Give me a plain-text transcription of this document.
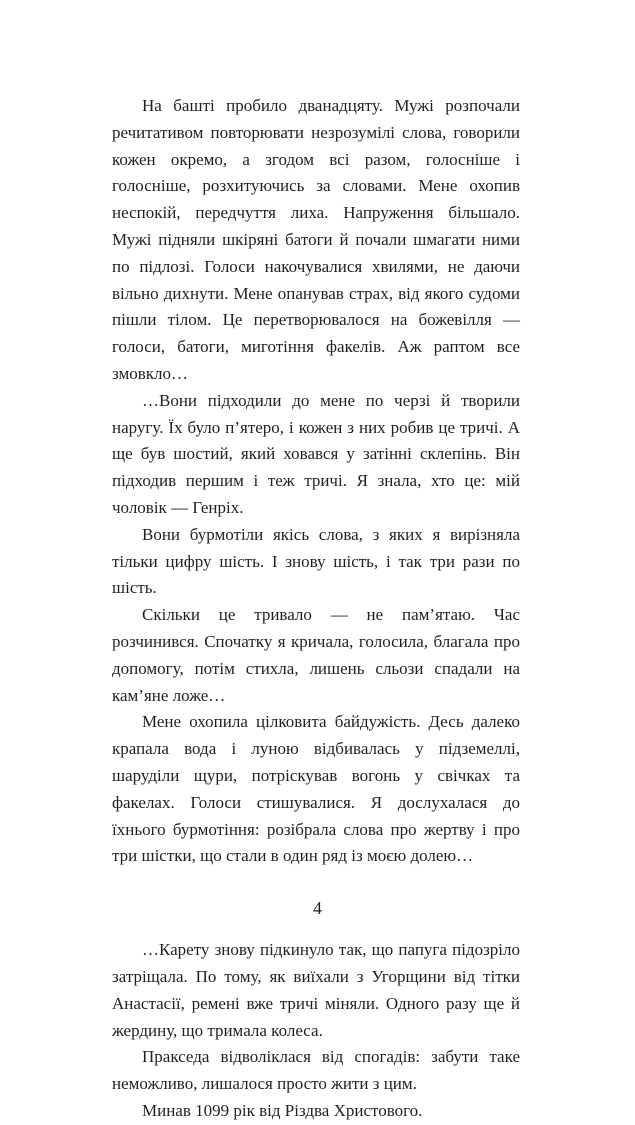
На башті пробило дванадцяту. Мужі розпочали речитативом повторювати незрозумілі слова, говорили кожен окремо, а згодом всі разом, голосніше і голосніше, розхитуючись за словами. Мене охопив неспокій, передчуття лиха. Напруження більшало. Мужі підняли шкіряні батоги й почали шмагати ними по підлозі. Голоси накочувалися хвилями, не даючи вільно дихнути. Мене опанував страх, від якого судоми пішли тілом. Це перетворювалося на божевілля — голоси, батоги, миготіння факелів. Аж раптом все змовкло…

…Вони підходили до мене по черзі й творили наругу. Їх було п’ятеро, і кожен з них робив це тричі. А ще був шостий, який ховався у затінні склепінь. Він підходив першим і теж тричі. Я знала, хто це: мій чоловік — Генріх.

Вони бурмотіли якісь слова, з яких я вирізняла тільки цифру шість. І знову шість, і так три рази по шість.

Скільки це тривало — не пам’ятаю. Час розчинився. Спочатку я кричала, голосила, благала про допомогу, потім стихла, лишень сльози спадали на кам’яне ложе…

Мене охопила цілковита байдужість. Десь далеко крапала вода і луною відбивалась у підземеллі, шаруділи щури, потріскував вогонь у свічках та факелах. Голоси стишувалися. Я дослухалася до їхнього бурмотіння: розібрала слова про жертву і про три шістки, що стали в один ряд із моєю долею…

…Карету знову підкинуло так, що папуга підозріло затріщала. По тому, як виїхали з Угорщини від тітки Анастасії, ремені вже тричі міняли. Одного разу ще й жердину, що тримала колеса.

Пракседа відволіклася від спогадів: забути таке неможливо, лишалося просто жити з цим.

Минав 1099 рік від Різдва Христового.

4
